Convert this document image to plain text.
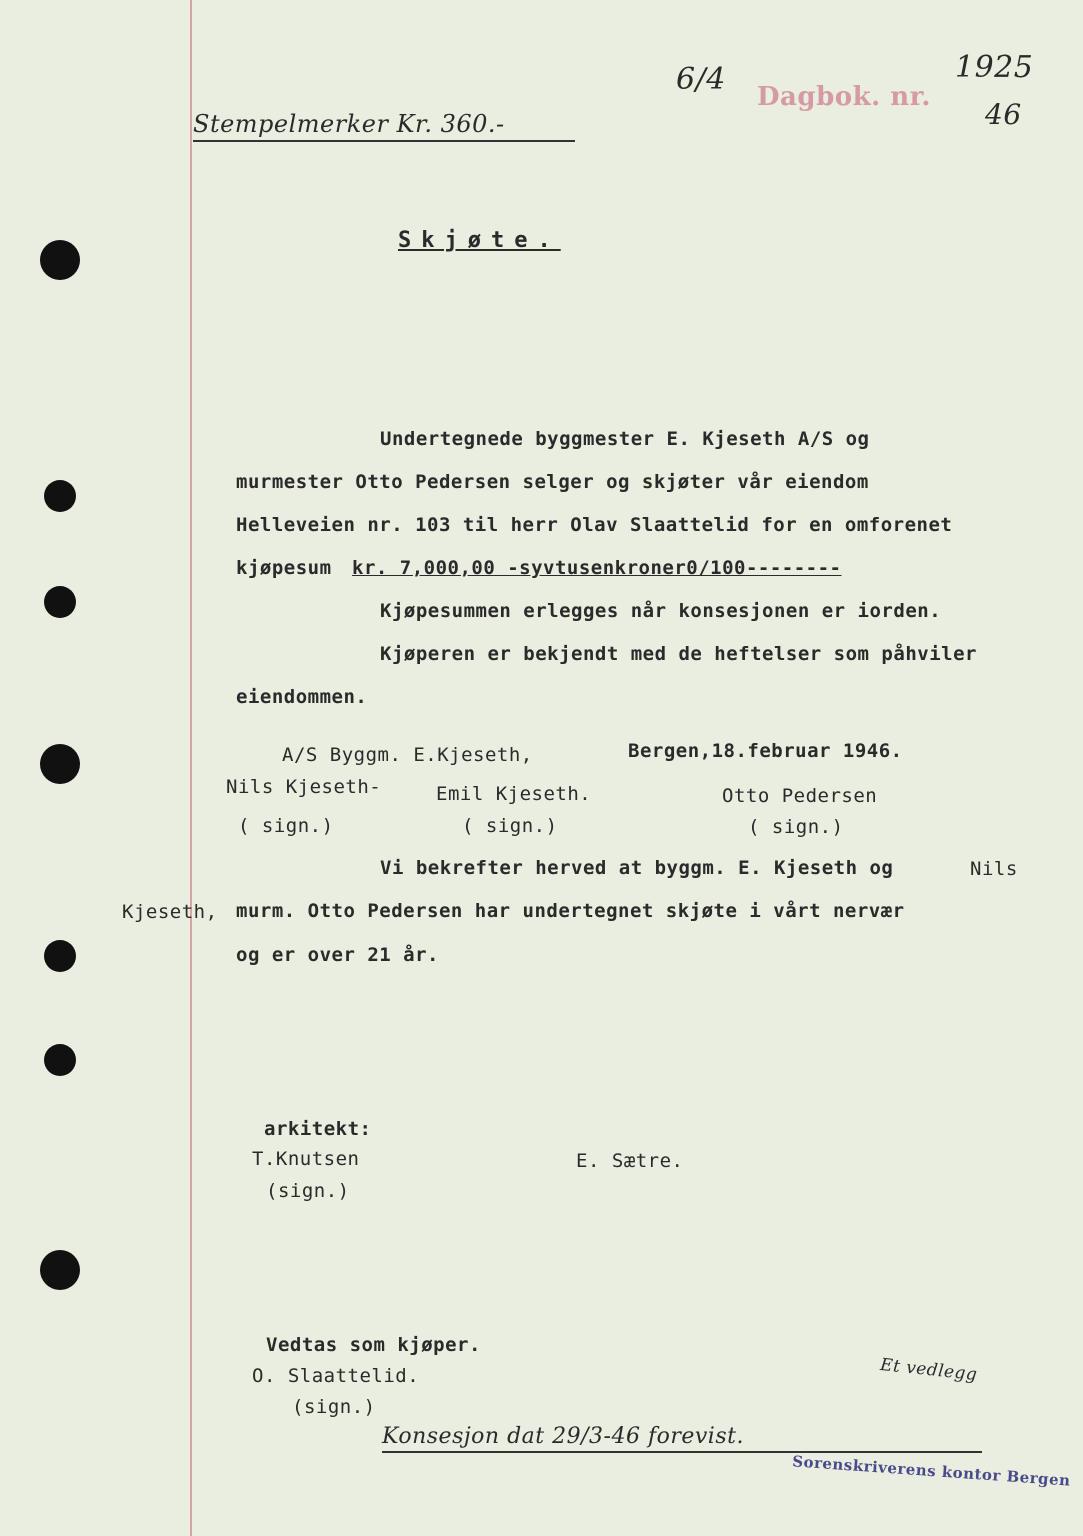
Stempelmerker Kr. 360.-
6/4 Dagbok. nr.
1925
46
Skjøte.
Undertegnede byggmester E. Kjeseth A/S og
murmester Otto Pedersen selger og skjøter vår eiendom
Helleveien nr. 103 til herr Olav Slaattelid for en omforenet
kjøpesum kr. 7,000,00 -syvtusenkroner0/100--------
Kjøpesummen erlegges når konsesjonen er iorden.
Kjøperen er bekjendt med de heftelser som påhviler
eiendommen.
A/S Byggm. E.Kjeseth,	Bergen,18.februar 1946.
Nils Kjeseth-
( sign.)
Emil Kjeseth.
( sign.)
Otto Pedersen
( sign.)
Vi bekrefter herved at byggm. E. Kjeseth og	Nils
Kjeseth, murm. Otto Pedersen har undertegnet skjøte i vårt nervær
og er over 21 år.
arkitekt:
T.Knutsen
(sign.)
E. Sætre.
Vedtas som kjøper.
O. Slaattelid.
(sign.)
Et vedlegg
Konsesjon dat 29/3-46 forevist.
Sorenskriverens kontor Bergen
